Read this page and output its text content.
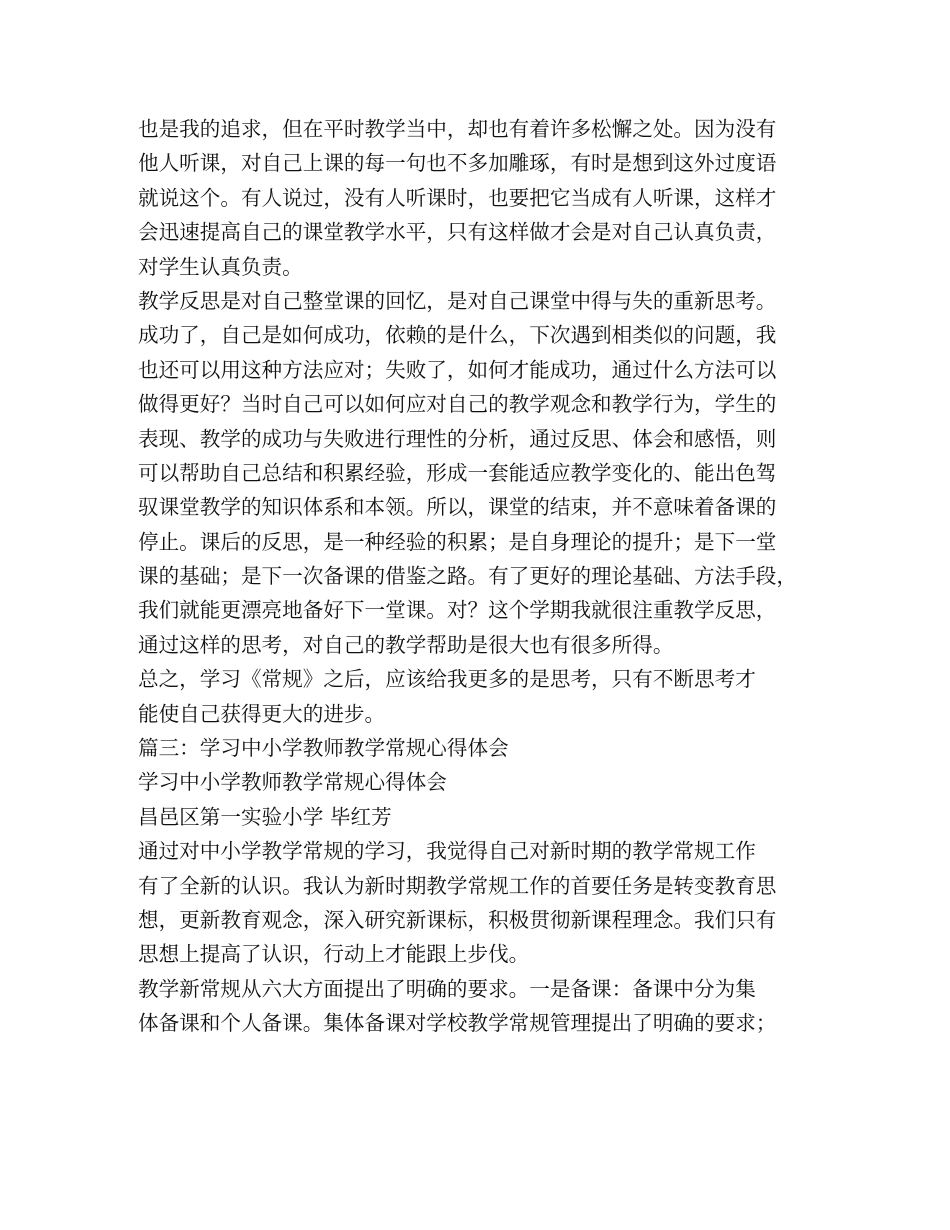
也是我的追求，但在平时教学当中，却也有着许多松懈之处。因为没有
他人听课，对自己上课的每一句也不多加雕琢，有时是想到这外过度语
就说这个。有人说过，没有人听课时，也要把它当成有人听课，这样才
会迅速提高自己的课堂教学水平，只有这样做才会是对自己认真负责，
对学生认真负责。
教学反思是对自己整堂课的回忆，是对自己课堂中得与失的重新思考。
成功了，自己是如何成功，依赖的是什么，下次遇到相类似的问题，我
也还可以用这种方法应对；失败了，如何才能成功，通过什么方法可以
做得更好？当时自己可以如何应对自己的教学观念和教学行为，学生的
表现、教学的成功与失败进行理性的分析，通过反思、体会和感悟，则
可以帮助自己总结和积累经验，形成一套能适应教学变化的、能出色驾
驭课堂教学的知识体系和本领。所以，课堂的结束，并不意味着备课的
停止。课后的反思，是一种经验的积累；是自身理论的提升；是下一堂
课的基础；是下一次备课的借鉴之路。有了更好的理论基础、方法手段，
我们就能更漂亮地备好下一堂课。对？这个学期我就很注重教学反思，
通过这样的思考，对自己的教学帮助是很大也有很多所得。
总之，学习《常规》之后，应该给我更多的是思考，只有不断思考才
能使自己获得更大的进步。
篇三：学习中小学教师教学常规心得体会
学习中小学教师教学常规心得体会
昌邑区第一实验小学 毕红芳
通过对中小学教学常规的学习，我觉得自己对新时期的教学常规工作
有了全新的认识。我认为新时期教学常规工作的首要任务是转变教育思
想，更新教育观念，深入研究新课标，积极贯彻新课程理念。我们只有
思想上提高了认识，行动上才能跟上步伐。
教学新常规从六大方面提出了明确的要求。一是备课：备课中分为集
体备课和个人备课。集体备课对学校教学常规管理提出了明确的要求；
